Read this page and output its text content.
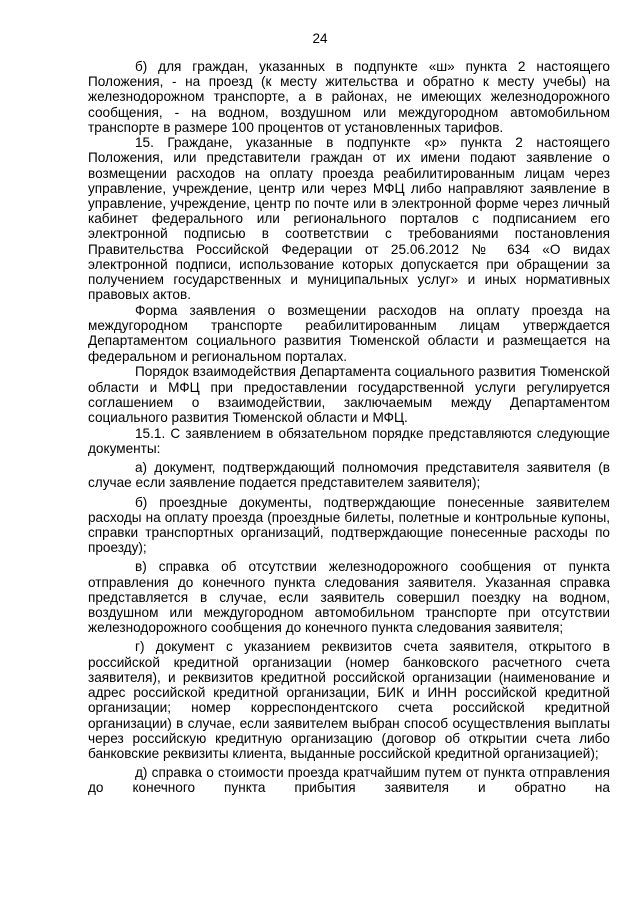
24

б) для граждан, указанных в подпункте «ш» пункта 2 настоящего Положения, - на проезд (к месту жительства и обратно к месту учебы) на железнодорожном транспорте, а в районах, не имеющих железнодорожного сообщения, - на водном, воздушном или междугородном автомобильном транспорте в размере 100 процентов от установленных тарифов.

15. Граждане, указанные в подпункте «р» пункта 2 настоящего Положения, или представители граждан от их имени подают заявление о возмещении расходов на оплату проезда реабилитированным лицам через управление, учреждение, центр или через МФЦ либо направляют заявление в управление, учреждение, центр по почте или в электронной форме через личный кабинет федерального или регионального порталов с подписанием его электронной подписью в соответствии с требованиями постановления Правительства Российской Федерации от 25.06.2012 № 634 «О видах электронной подписи, использование которых допускается при обращении за получением государственных и муниципальных услуг» и иных нормативных правовых актов.

Форма заявления о возмещении расходов на оплату проезда на междугородном транспорте реабилитированным лицам утверждается Департаментом социального развития Тюменской области и размещается на федеральном и региональном порталах.

Порядок взаимодействия Департамента социального развития Тюменской области и МФЦ при предоставлении государственной услуги регулируется соглашением о взаимодействии, заключаемым между Департаментом социального развития Тюменской области и МФЦ.

15.1. С заявлением в обязательном порядке представляются следующие документы:

а) документ, подтверждающий полномочия представителя заявителя (в случае если заявление подается представителем заявителя);

б) проездные документы, подтверждающие понесенные заявителем расходы на оплату проезда (проездные билеты, полетные и контрольные купоны, справки транспортных организаций, подтверждающие понесенные расходы по проезду);

в) справка об отсутствии железнодорожного сообщения от пункта отправления до конечного пункта следования заявителя. Указанная справка представляется в случае, если заявитель совершил поездку на водном, воздушном или междугородном автомобильном транспорте при отсутствии железнодорожного сообщения до конечного пункта следования заявителя;

г) документ с указанием реквизитов счета заявителя, открытого в российской кредитной организации (номер банковского расчетного счета заявителя), и реквизитов кредитной российской организации (наименование и адрес российской кредитной организации, БИК и ИНН российской кредитной организации; номер корреспондентского счета российской кредитной организации) в случае, если заявителем выбран способ осуществления выплаты через российскую кредитную организацию (договор об открытии счета либо банковские реквизиты клиента, выданные российской кредитной организацией);

д) справка о стоимости проезда кратчайшим путем от пункта отправления до конечного пункта прибытия заявителя и обратно на
